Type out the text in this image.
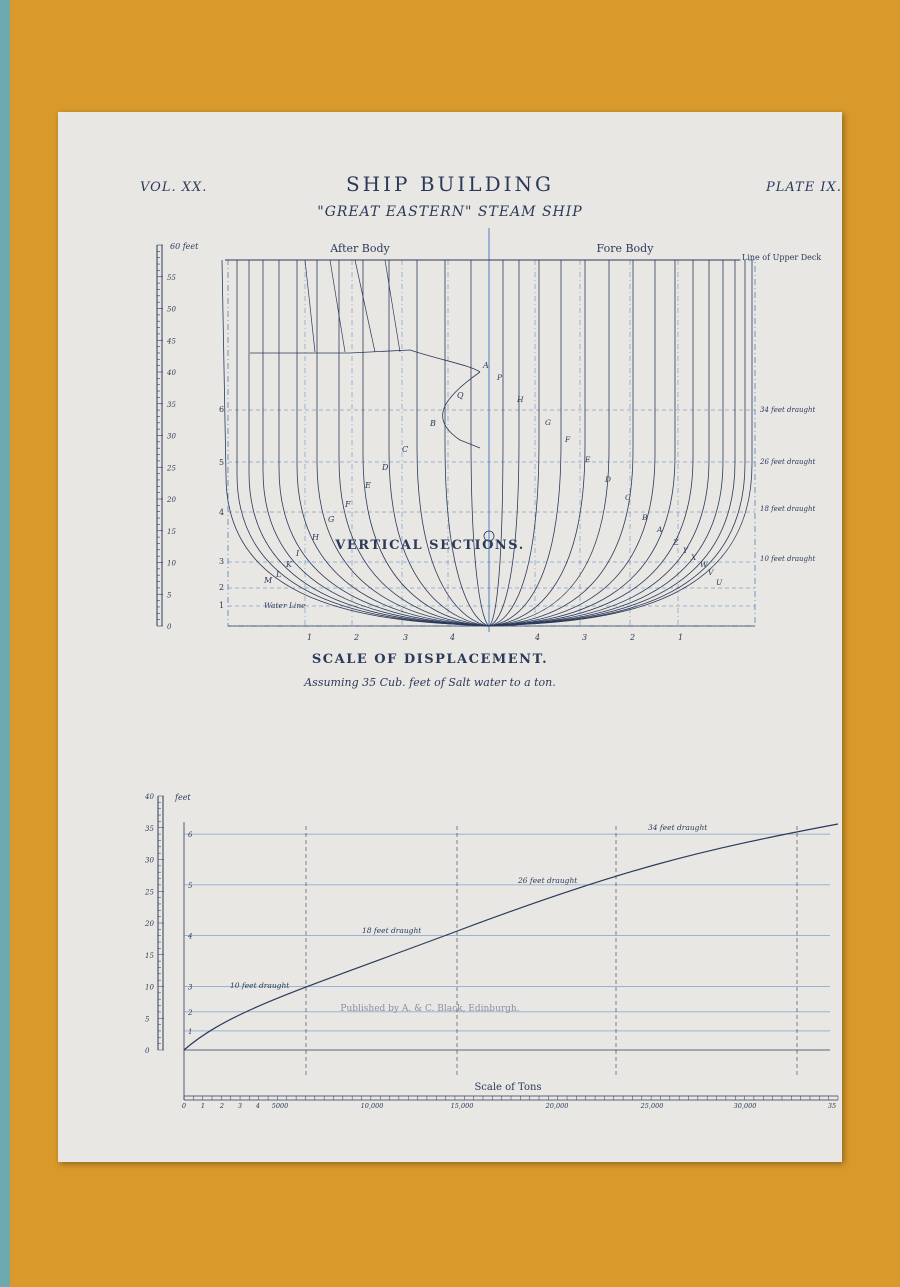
VOL. XX.	SHIP BUILDING	PLATE IX.
"GREAT EASTERN" STEAM SHIP
VERTICAL SECTIONS.
SCALE OF DISPLACEMENT.
Assuming 35 Cub. feet of Salt water to a ton.
Published by A. & C. Black, Edinburgh.
After Body	Fore Body
Line of Upper Deck
Water Line
60 feet
55
50
45
40
35
30
25
20
15
10
5
0
6
5
4
3
2
1
1	2	3	4	4	3	2	1
34 feet draught
26 feet draught
18 feet draught
10 feet draught
A
Q
B
C
D
E
F
G
H
I
K
L
M
P
H
G
F
E
D
C
B
A
Z
Y
X
W
V
U
feet
Scale of Tons
40
35
30
25
20
15
10
5
0
6
5
4
3
2
1
34 feet draught
26 feet draught
18 feet draught
10 feet draught
0 1 2 3 4 5000	10,000	15,000	20,000	25,000	30,000	35
